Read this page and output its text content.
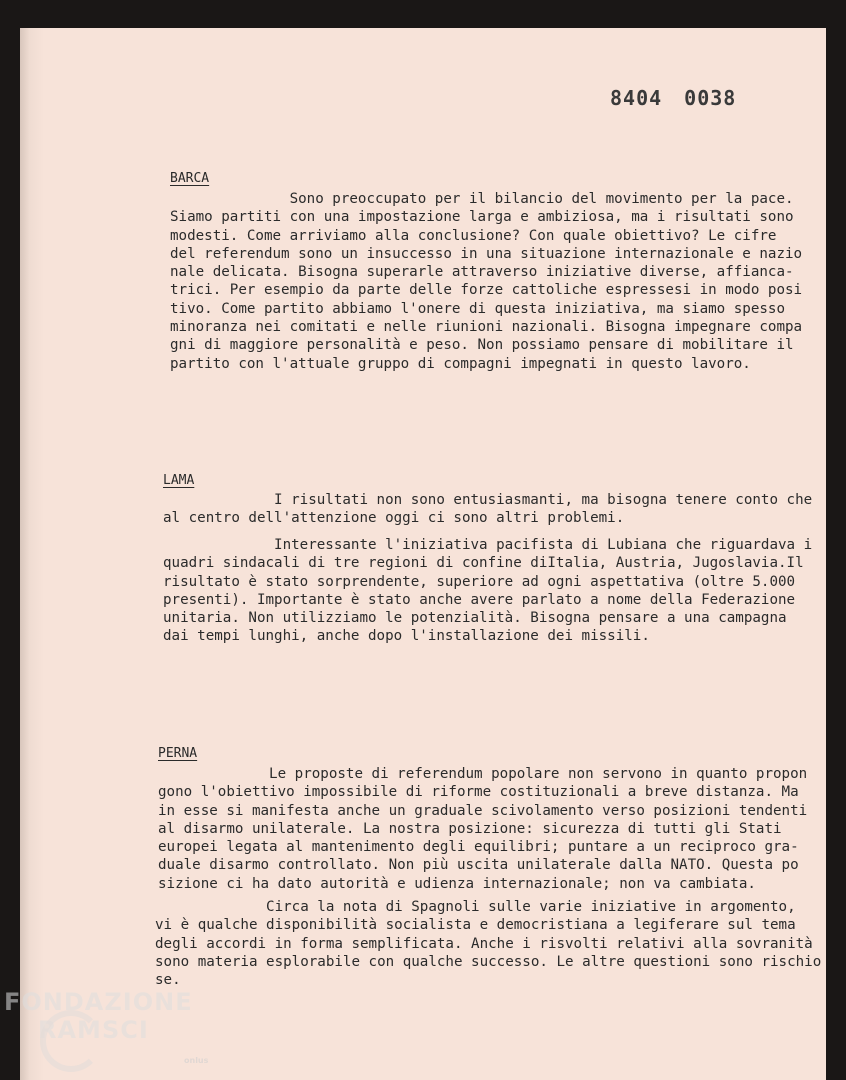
8404 0038
BARCA
Sono preoccupato per il bilancio del movimento per la pace.
Siamo partiti con una impostazione larga e ambiziosa, ma i risultati sono
modesti. Come arriviamo alla conclusione? Con quale obiettivo? Le cifre
del referendum sono un insuccesso in una situazione internazionale e nazio
nale delicata. Bisogna superarle attraverso iniziative diverse, affianca-
trici. Per esempio da parte delle forze cattoliche espressesi in modo posi
tivo. Come partito abbiamo l'onere di questa iniziativa, ma siamo spesso
minoranza nei comitati e nelle riunioni nazionali. Bisogna impegnare compa
gni di maggiore personalità e peso. Non possiamo pensare di mobilitare il
partito con l'attuale gruppo di compagni impegnati in questo lavoro.
LAMA
I risultati non sono entusiasmanti, ma bisogna tenere conto che
al centro dell'attenzione oggi ci sono altri problemi.
Interessante l'iniziativa pacifista di Lubiana che riguardava i
quadri sindacali di tre regioni di confine diItalia, Austria, Jugoslavia.Il
risultato è stato sorprendente, superiore ad ogni aspettativa (oltre 5.000
presenti). Importante è stato anche avere parlato a nome della Federazione
unitaria. Non utilizziamo le potenzialità. Bisogna pensare a una campagna
dai tempi lunghi, anche dopo l'installazione dei missili.
PERNA
Le proposte di referendum popolare non servono in quanto propon
gono l'obiettivo impossibile di riforme costituzionali a breve distanza. Ma
in esse si manifesta anche un graduale scivolamento verso posizioni tendenti
al disarmo unilaterale. La nostra posizione: sicurezza di tutti gli Stati
europei legata al mantenimento degli equilibri; puntare a un reciproco gra-
duale disarmo controllato. Non più uscita unilaterale dalla NATO. Questa po
sizione ci ha dato autorità e udienza internazionale; non va cambiata.
Circa la nota di Spagnoli sulle varie iniziative in argomento,
vi è qualche disponibilità socialista e democristiana a legiferare sul tema
degli accordi in forma semplificata. Anche i risvolti relativi alla sovranità
sono materia esplorabile con qualche successo. Le altre questioni sono rischio
se.
FONDAZIONE
RAMSCI
onlus
